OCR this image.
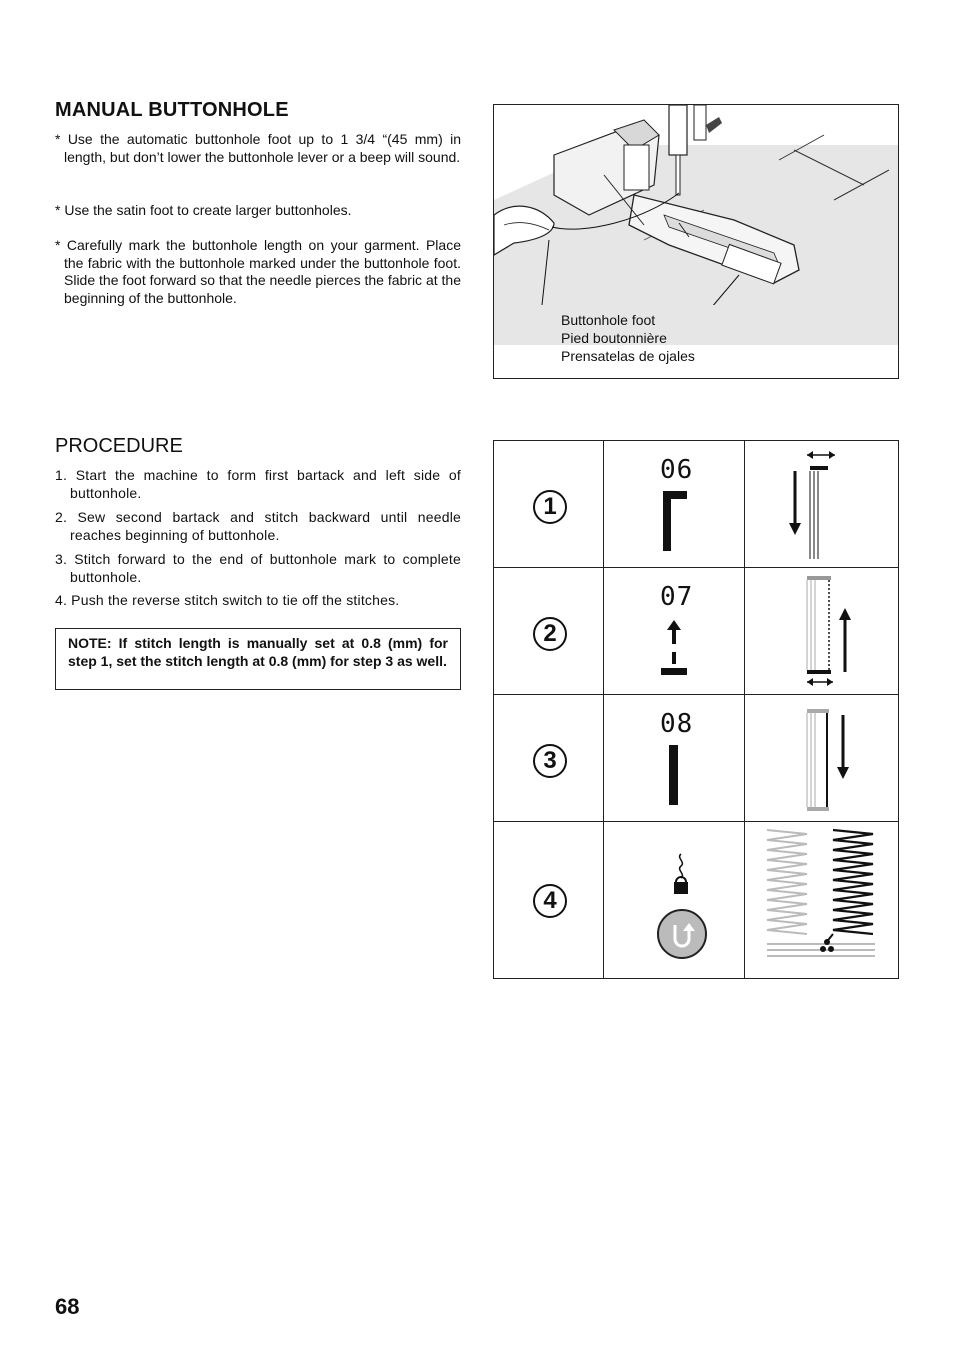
MANUAL BUTTONHOLE
* Use the automatic buttonhole foot up to 1 3/4 “(45 mm) in length, but don’t lower the buttonhole lever or a beep will sound.
* Use the satin foot to create larger buttonholes.
* Carefully mark the buttonhole length on your garment. Place the fabric with the buttonhole marked under the buttonhole foot. Slide the foot forward so that the needle pierces the fabric at the beginning of the buttonhole.
Buttonhole foot
Pied boutonnière
Prensatelas de ojales
PROCEDURE
1. Start the machine to form first bartack and left side of buttonhole.
2. Sew second bartack and stitch backward until needle reaches beginning of buttonhole.
3. Stitch forward to the end of buttonhole mark to complete buttonhole.
4. Push the reverse stitch switch to tie off the stitches.
NOTE: If stitch length is manually set at 0.8 (mm) for step 1, set the stitch length at 0.8 (mm) for step 3 as well.
1
06
2
07
3
08
4
68
